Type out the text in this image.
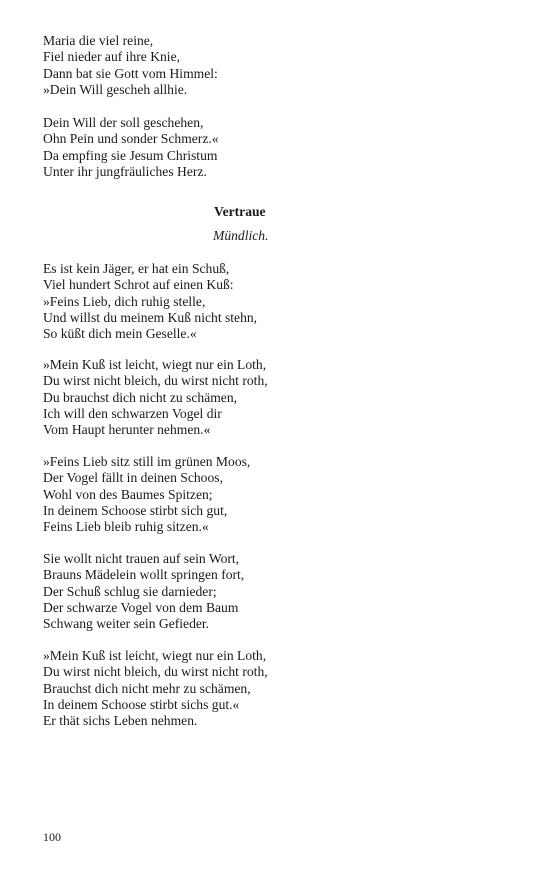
Maria die viel reine,
Fiel nieder auf ihre Knie,
Dann bat sie Gott vom Himmel:
»Dein Will gescheh allhie.
Dein Will der soll geschehen,
Ohn Pein und sonder Schmerz.«
Da empfing sie Jesum Christum
Unter ihr jungfräuliches Herz.
Vertraue
Mündlich.
Es ist kein Jäger, er hat ein Schuß,
Viel hundert Schrot auf einen Kuß:
»Feins Lieb, dich ruhig stelle,
Und willst du meinem Kuß nicht stehn,
So küßt dich mein Geselle.«
»Mein Kuß ist leicht, wiegt nur ein Loth,
Du wirst nicht bleich, du wirst nicht roth,
Du brauchst dich nicht zu schämen,
Ich will den schwarzen Vogel dir
Vom Haupt herunter nehmen.«
»Feins Lieb sitz still im grünen Moos,
Der Vogel fällt in deinen Schoos,
Wohl von des Baumes Spitzen;
In deinem Schoose stirbt sich gut,
Feins Lieb bleib ruhig sitzen.«
Sie wollt nicht trauen auf sein Wort,
Brauns Mädelein wollt springen fort,
Der Schuß schlug sie darnieder;
Der schwarze Vogel von dem Baum
Schwang weiter sein Gefieder.
»Mein Kuß ist leicht, wiegt nur ein Loth,
Du wirst nicht bleich, du wirst nicht roth,
Brauchst dich nicht mehr zu schämen,
In deinem Schoose stirbt sichs gut.«
Er thät sichs Leben nehmen.
100
